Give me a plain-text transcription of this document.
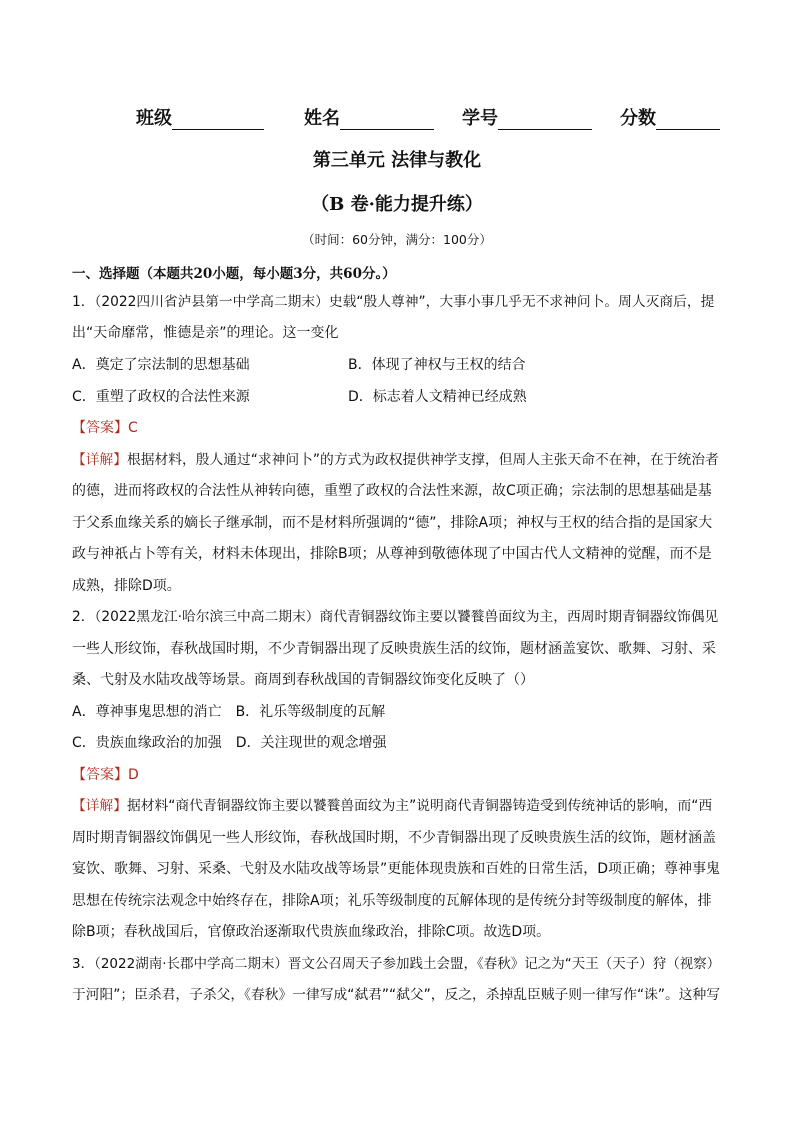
班级	姓名	学号	分数
第三单元 法律与教化
（B 卷·能力提升练）
（时间：60分钟，满分：100分）
一、选择题（本题共20小题，每小题3分，共60分。）
1．（2022四川省泸县第一中学高二期末）史载“殷人尊神”，大事小事几乎无不求神问卜。周人灭商后，提
出“天命靡常，惟德是亲”的理论。这一变化
A．奠定了宗法制的思想基础	B．体现了神权与王权的结合
C．重塑了政权的合法性来源	D．标志着人文精神已经成熟
【答案】C
【详解】根据材料，殷人通过“求神问卜”的方式为政权提供神学支撑，但周人主张天命不在神，在于统治者
的德，进而将政权的合法性从神转向德，重塑了政权的合法性来源，故C项正确；宗法制的思想基础是基
于父系血缘关系的嫡长子继承制，而不是材料所强调的“德”，排除A项；神权与王权的结合指的是国家大
政与神祇占卜等有关，材料未体现出，排除B项；从尊神到敬德体现了中国古代人文精神的觉醒，而不是
成熟，排除D项。
2．（2022黑龙江·哈尔滨三中高二期末）商代青铜器纹饰主要以饕餮兽面纹为主，西周时期青铜器纹饰偶见
一些人形纹饰，春秋战国时期，不少青铜器出现了反映贵族生活的纹饰，题材涵盖宴饮、歌舞、习射、采
桑、弋射及水陆攻战等场景。商周到春秋战国的青铜器纹饰变化反映了（）
A．尊神事鬼思想的消亡　B．礼乐等级制度的瓦解
C．贵族血缘政治的加强　D．关注现世的观念增强
【答案】D
【详解】据材料“商代青铜器纹饰主要以饕餮兽面纹为主”说明商代青铜器铸造受到传统神话的影响，而“西
周时期青铜器纹饰偶见一些人形纹饰，春秋战国时期，不少青铜器出现了反映贵族生活的纹饰，题材涵盖
宴饮、歌舞、习射、采桑、弋射及水陆攻战等场景”更能体现贵族和百姓的日常生活，D项正确；尊神事鬼
思想在传统宗法观念中始终存在，排除A项；礼乐等级制度的瓦解体现的是传统分封等级制度的解体，排
除B项；春秋战国后，官僚政治逐渐取代贵族血缘政治，排除C项。故选D项。
3．（2022湖南·长郡中学高二期末）晋文公召周天子参加践土会盟，《春秋》记之为“天王（天子）狩（视察）
于河阳”；臣杀君，子杀父，《春秋》一律写成“弑君”“弑父”，反之，杀掉乱臣贼子则一律写作“诛”。这种写
